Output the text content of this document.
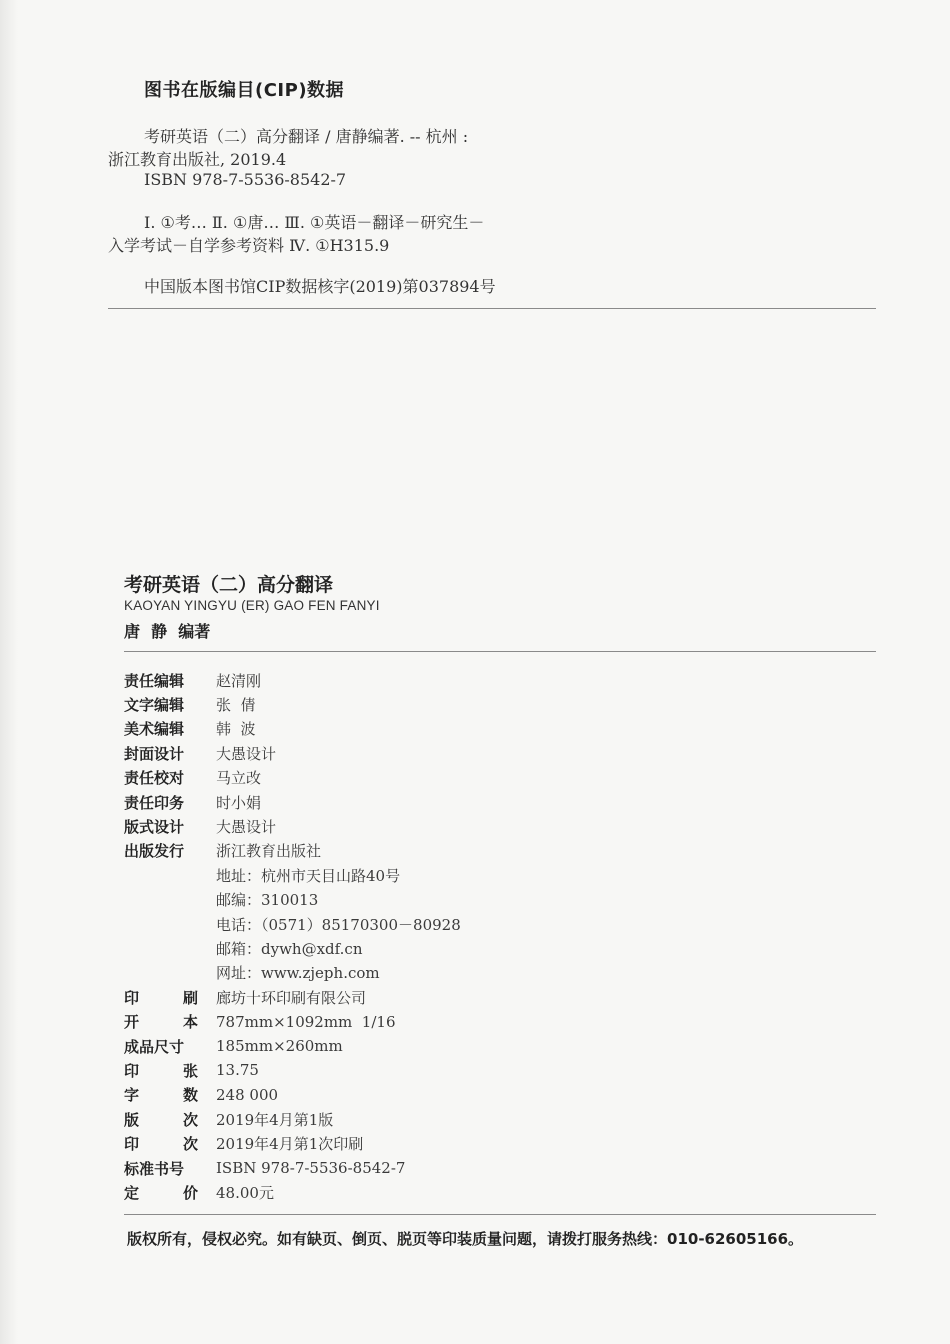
图书在版编目(CIP)数据
考研英语（二）高分翻译 / 唐静编著. -- 杭州 :
浙江教育出版社, 2019.4
ISBN 978-7-5536-8542-7
Ⅰ. ①考… Ⅱ. ①唐… Ⅲ. ①英语－翻译－研究生－
入学考试－自学参考资料 Ⅳ. ①H315.9
中国版本图书馆CIP数据核字(2019)第037894号
考研英语（二）高分翻译
KAOYAN YINGYU (ER) GAO FEN FANYI
唐  静  编著
责任编辑	赵清刚
文字编辑	张  倩
美术编辑	韩  波
封面设计	大愚设计
责任校对	马立改
责任印务	时小娟
版式设计	大愚设计
出版发行	浙江教育出版社
地址：杭州市天目山路40号
邮编：310013
电话：（0571）85170300－80928
邮箱：dywh@xdf.cn
网址：www.zjeph.com
印	刷 廊坊十环印刷有限公司
开	本 787mm×1092mm  1/16
成品尺寸	185mm×260mm
印	张 13.75
字	数 248 000
版	次 2019年4月第1版
印	次 2019年4月第1次印刷
标准书号	ISBN 978-7-5536-8542-7
定	价 48.00元
版权所有，侵权必究。如有缺页、倒页、脱页等印装质量问题，请拨打服务热线：010-62605166。
